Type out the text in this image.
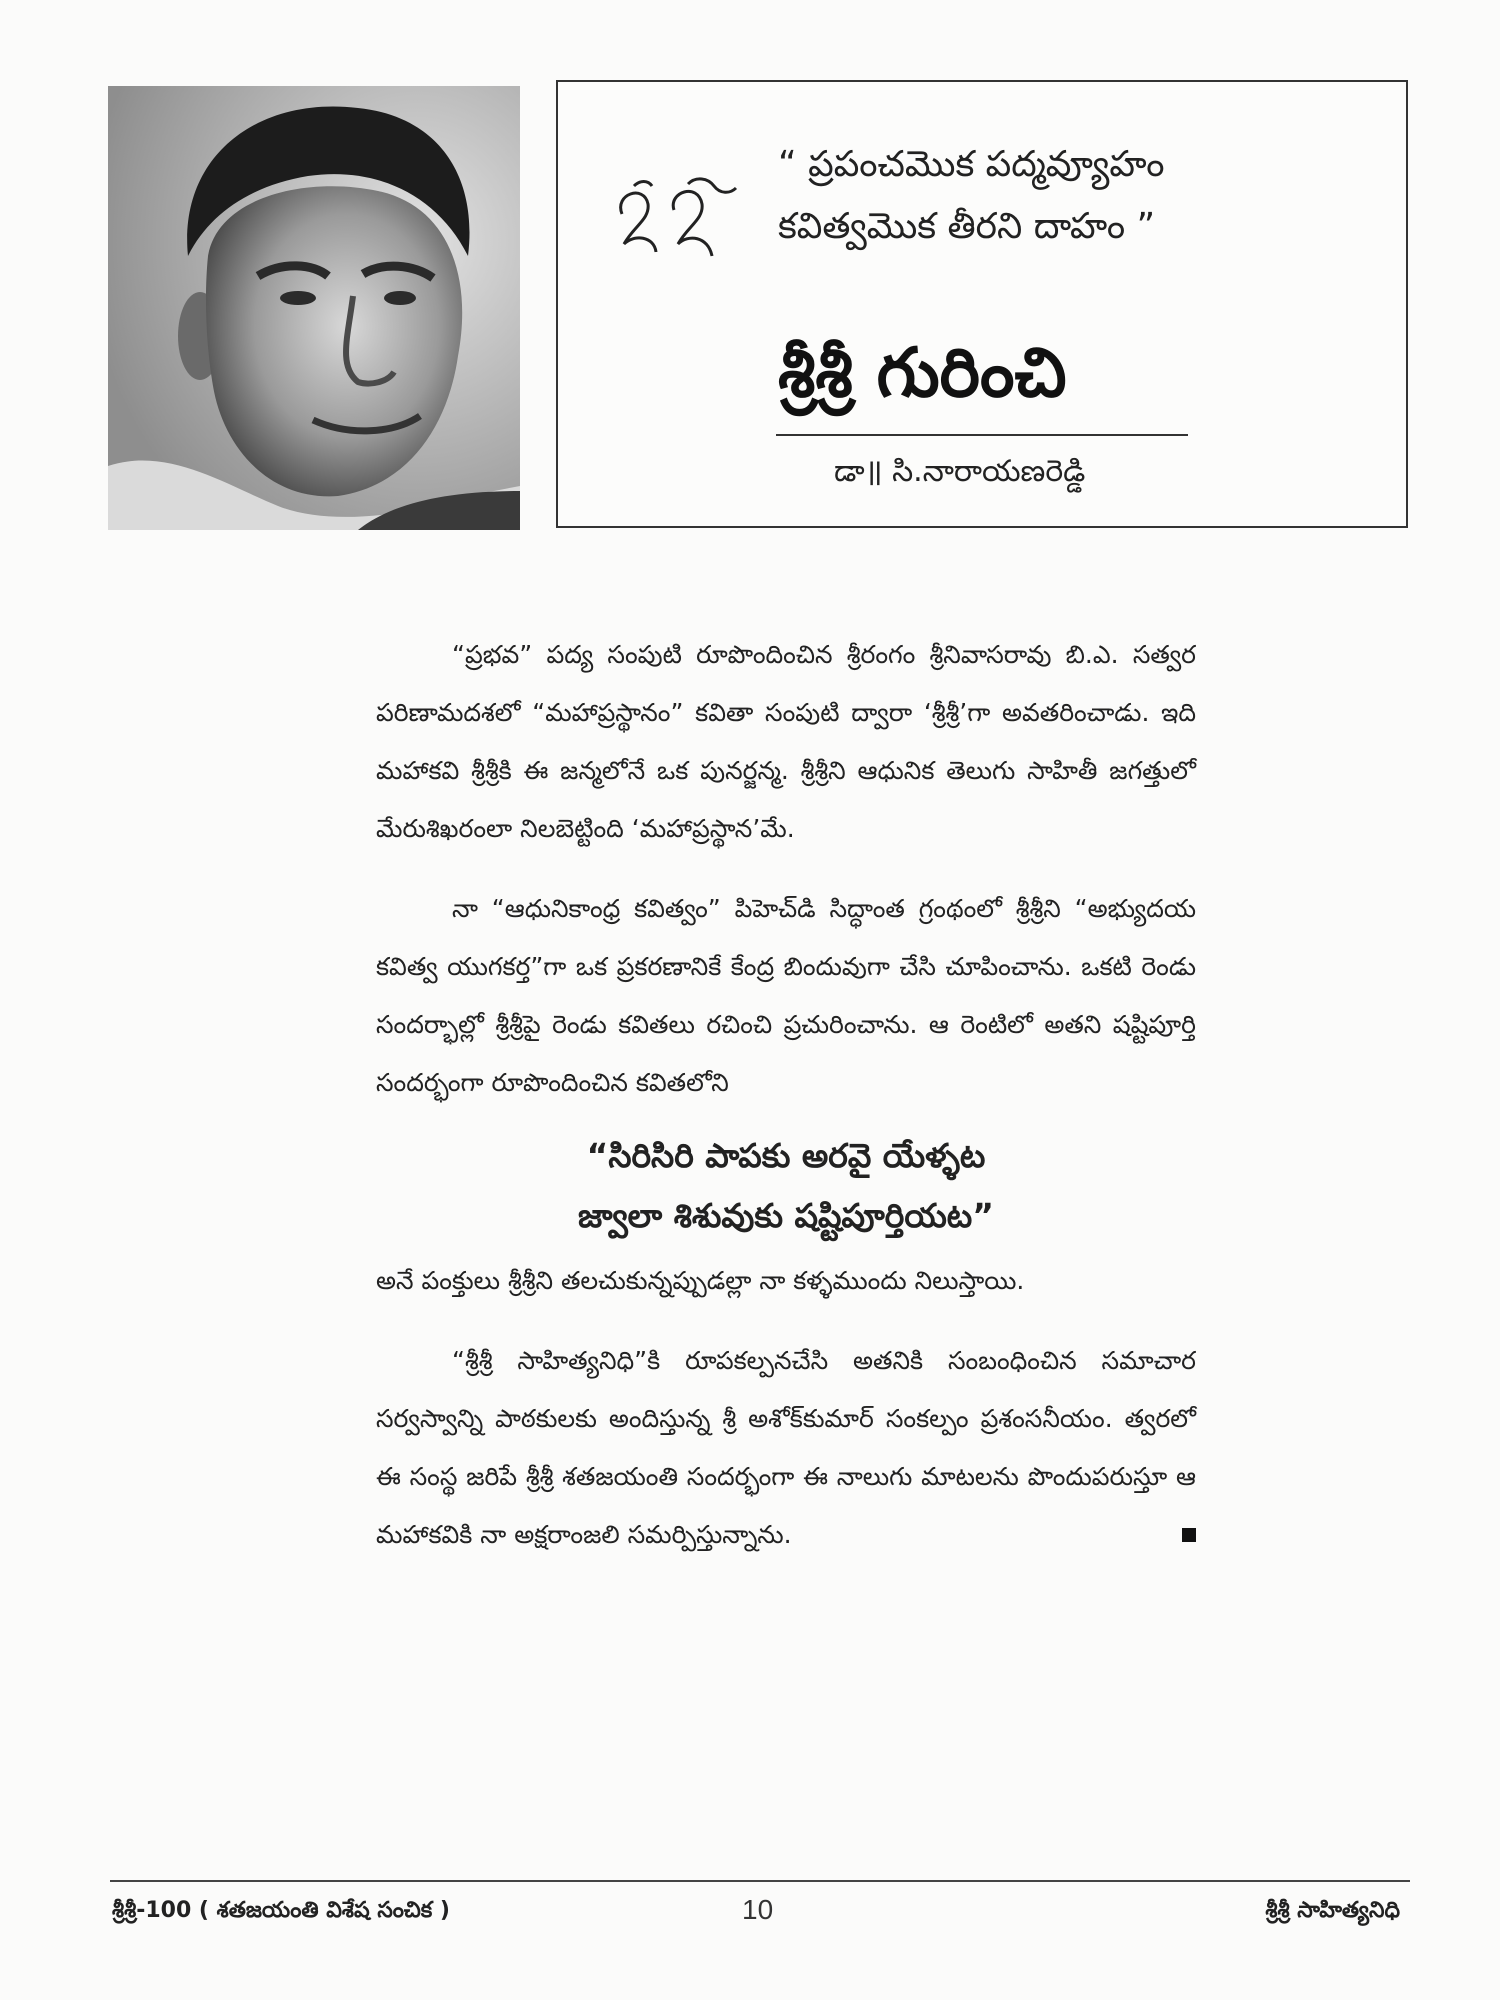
“ ప్రపంచమొక పద్మవ్యూహం
కవిత్వమొక తీరని దాహం ”
శ్రీశ్రీ గురించి
డా॥ సి.నారాయణరెడ్డి

“ప్రభవ” పద్య సంపుటి రూపొందించిన శ్రీరంగం శ్రీనివాసరావు బి.ఎ. సత్వర పరిణామదశలో “మహాప్రస్థానం” కవితా సంపుటి ద్వారా ‘శ్రీశ్రీ’గా అవతరించాడు. ఇది మహాకవి శ్రీశ్రీకి ఈ జన్మలోనే ఒక పునర్జన్మ. శ్రీశ్రీని ఆధునిక తెలుగు సాహితీ జగత్తులో మేరుశిఖరంలా నిలబెట్టింది ‘మహాప్రస్థాన’మే.

నా “ఆధునికాంధ్ర కవిత్వం” పిహెచ్‌డి సిద్ధాంత గ్రంథంలో శ్రీశ్రీని “అభ్యుదయ కవిత్వ యుగకర్త”గా ఒక ప్రకరణానికే కేంద్ర బిందువుగా చేసి చూపించాను. ఒకటి రెండు సందర్భాల్లో శ్రీశ్రీపై రెండు కవితలు రచించి ప్రచురించాను. ఆ రెంటిలో అతని షష్టిపూర్తి సందర్భంగా రూపొందించిన కవితలోని

“సిరిసిరి పాపకు అరవై యేళ్ళట
జ్వాలా శిశువుకు షష్టిపూర్తియట”

అనే పంక్తులు శ్రీశ్రీని తలచుకున్నప్పుడల్లా నా కళ్ళముందు నిలుస్తాయి.

“శ్రీశ్రీ సాహిత్యనిధి”కి రూపకల్పనచేసి అతనికి సంబంధించిన సమాచార సర్వస్వాన్ని పాఠకులకు అందిస్తున్న శ్రీ అశోక్‌కుమార్ సంకల్పం ప్రశంసనీయం. త్వరలో ఈ సంస్థ జరిపే శ్రీశ్రీ శతజయంతి సందర్భంగా ఈ నాలుగు మాటలను పొందుపరుస్తూ ఆ మహాకవికి నా అక్షరాంజలి సమర్పిస్తున్నాను.

శ్రీశ్రీ-100 ( శతజయంతి విశేష సంచిక )	10	శ్రీశ్రీ సాహిత్యనిధి
